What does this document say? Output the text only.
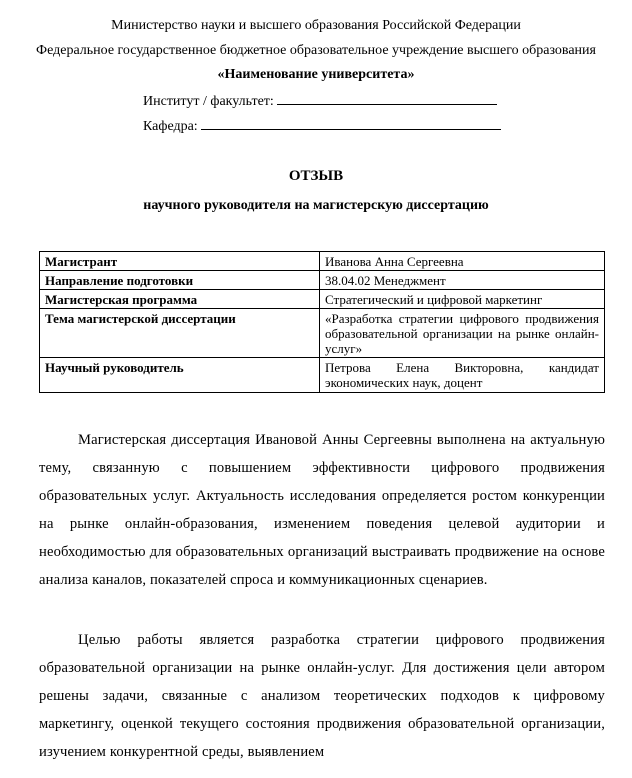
Министерство науки и высшего образования Российской Федерации
Федеральное государственное бюджетное образовательное учреждение высшего образования
«Наименование университета»
Институт / факультет:
Кафедра:
ОТЗЫВ
научного руководителя на магистерскую диссертацию
Магистрант	Иванова Анна Сергеевна
Направление подготовки	38.04.02 Менеджмент
Магистерская программа	Стратегический и цифровой маркетинг
Тема магистерской диссертации	«Разработка стратегии цифрового продвижения образовательной организации на рынке онлайн-услуг»
Научный руководитель	Петрова Елена Викторовна, кандидат экономических наук, доцент
Магистерская диссертация Ивановой Анны Сергеевны выполнена на актуальную тему, связанную с повышением эффективности цифрового продвижения образовательных услуг. Актуальность исследования определяется ростом конкуренции на рынке онлайн-образования, изменением поведения целевой аудитории и необходимостью для образовательных организаций выстраивать продвижение на основе анализа каналов, показателей спроса и коммуникационных сценариев.
Целью работы является разработка стратегии цифрового продвижения образовательной организации на рынке онлайн-услуг. Для достижения цели автором решены задачи, связанные с анализом теоретических подходов к цифровому маркетингу, оценкой текущего состояния продвижения образовательной организации, изучением конкурентной среды, выявлением
